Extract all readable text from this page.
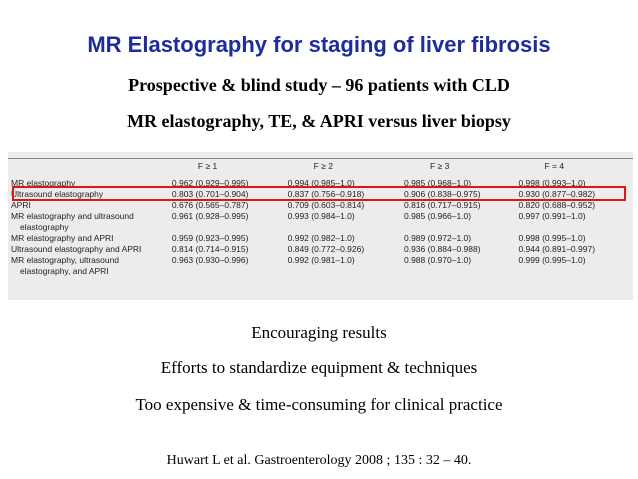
MR Elastography for staging of liver fibrosis
Prospective & blind study – 96 patients with CLD
MR elastography, TE, & APRI versus liver biopsy
	F ≥ 1	F ≥ 2	F ≥ 3	F = 4
MR elastography	0.962 (0.929–0.995)	0.994 (0.985–1.0)	0.985 (0.968–1.0)	0.998 (0.993–1.0)
Ultrasound elastography	0.803 (0.701–0.904)	0.837 (0.756–0.918)	0.906 (0.838–0.975)	0.930 (0.877–0.982)
APRI	0.676 (0.565–0.787)	0.709 (0.603–0.814)	0.816 (0.717–0.915)	0.820 (0.688–0.952)
MR elastography and ultrasound	0.961 (0.928–0.995)	0.993 (0.984–1.0)	0.985 (0.966–1.0)	0.997 (0.991–1.0)
elastography				
MR elastography and APRI	0.959 (0.923–0.995)	0.992 (0.982–1.0)	0.989 (0.972–1.0)	0.998 (0.995–1.0)
Ultrasound elastography and APRI	0.814 (0.714–0.915)	0.849 (0.772–0.926)	0.936 (0.884–0.988)	0.944 (0.891–0.997)
MR elastography, ultrasound	0.963 (0.930–0.996)	0.992 (0.981–1.0)	0.988 (0.970–1.0)	0.999 (0.995–1.0)
elastography, and APRI				
Encouraging results
Efforts to standardize equipment & techniques
Too expensive & time-consuming for clinical practice
Huwart L et al. Gastroenterology 2008 ; 135 : 32 – 40.
